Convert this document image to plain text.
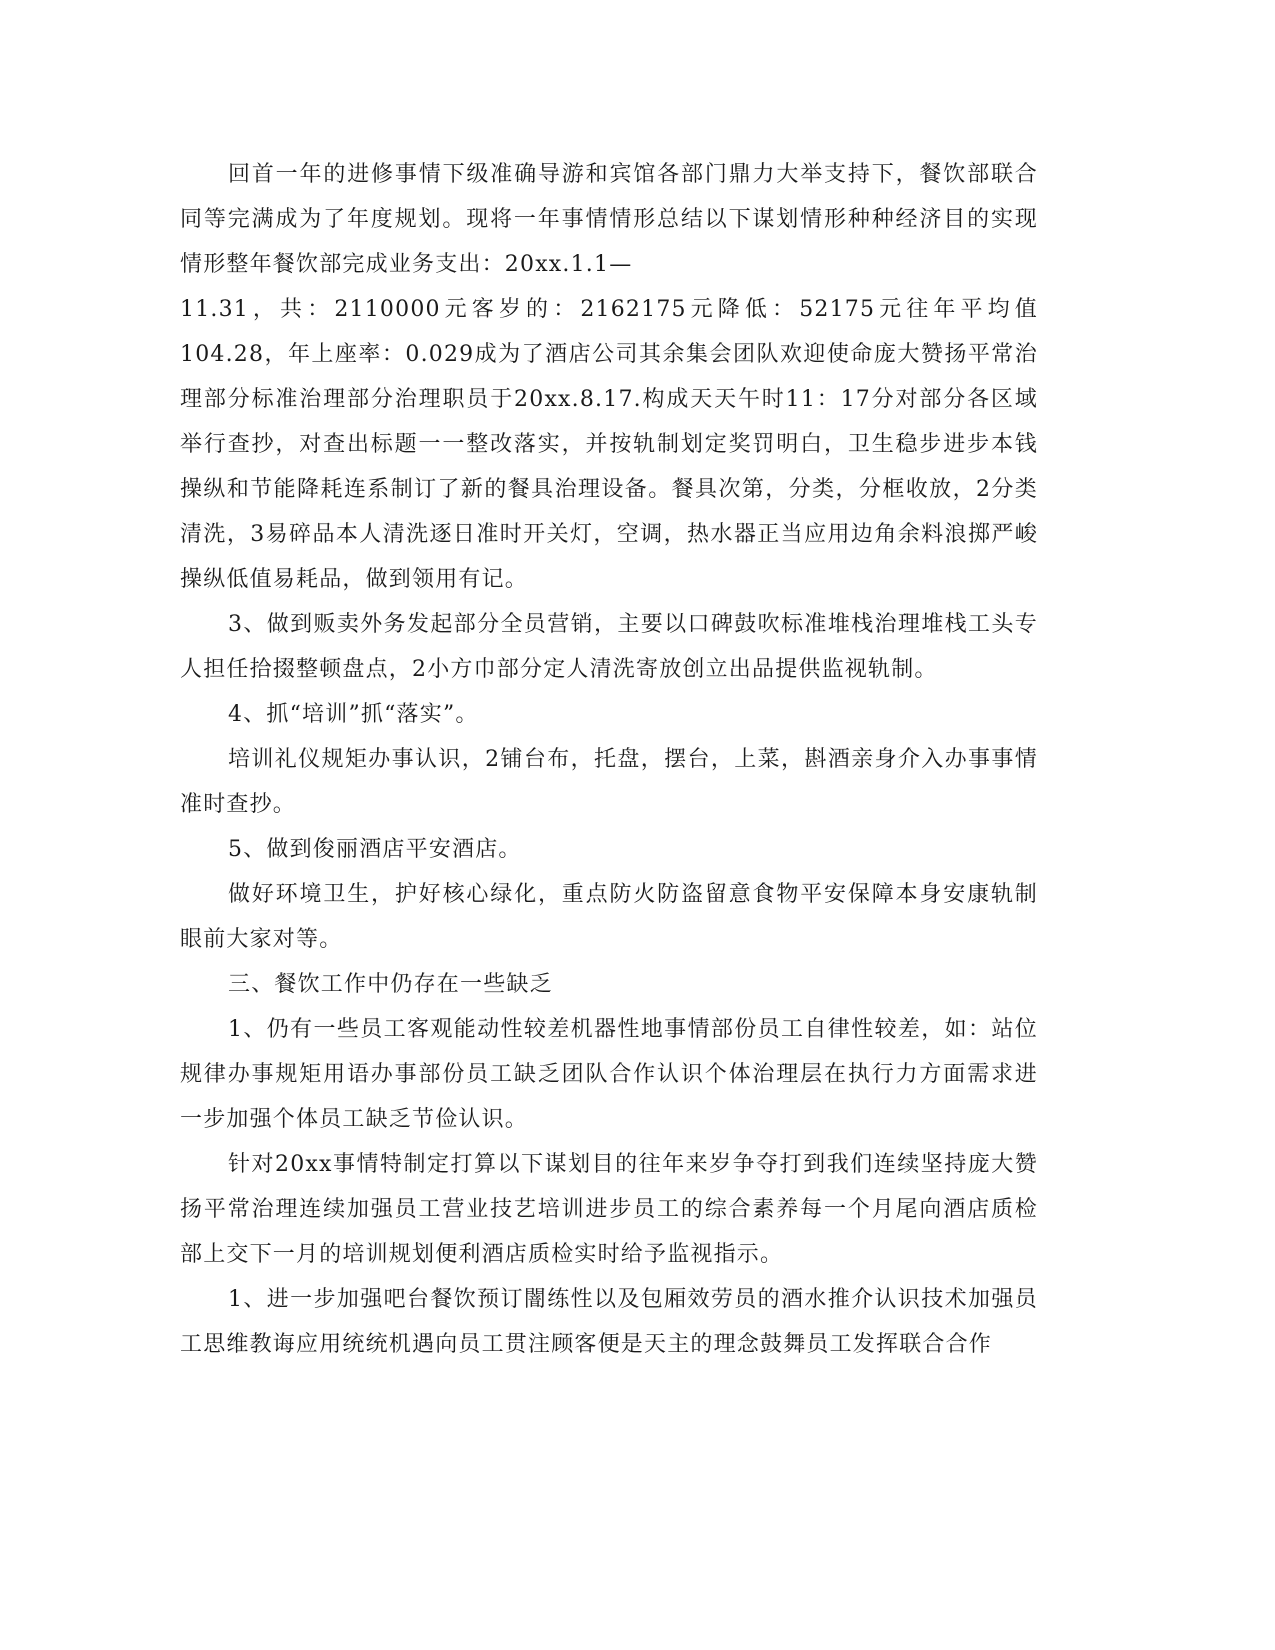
回首一年的进修事情下级准确导游和宾馆各部门鼎力大举支持下，餐饮部联合同等完满成为了年度规划。现将一年事情情形总结以下谋划情形种种经济目的实现情形整年餐饮部完成业务支出：20xx.1.1—

11.31，共：2110000元客岁的：2162175元降低：52175元往年平均值104.28，年上座率：0.029成为了酒店公司其余集会团队欢迎使命庞大赞扬平常治理部分标准治理部分治理职员于20xx.8.17.构成天天午时11：17分对部分各区域举行查抄，对查出标题一一整改落实，并按轨制划定奖罚明白，卫生稳步进步本钱操纵和节能降耗连系制订了新的餐具治理设备。餐具次第，分类，分框收放，2分类清洗，3易碎品本人清洗逐日准时开关灯，空调，热水器正当应用边角余料浪掷严峻操纵低值易耗品，做到领用有记。

3、做到贩卖外务发起部分全员营销，主要以口碑鼓吹标准堆栈治理堆栈工头专人担任拾掇整顿盘点，2小方巾部分定人清洗寄放创立出品提供监视轨制。

4、抓“培训”抓“落实”。

培训礼仪规矩办事认识，2铺台布，托盘，摆台，上菜，斟酒亲身介入办事事情准时查抄。

5、做到俊丽酒店平安酒店。

做好环境卫生，护好核心绿化，重点防火防盗留意食物平安保障本身安康轨制眼前大家对等。

三、餐饮工作中仍存在一些缺乏

1、仍有一些员工客观能动性较差机器性地事情部份员工自律性较差，如：站位规律办事规矩用语办事部份员工缺乏团队合作认识个体治理层在执行力方面需求进一步加强个体员工缺乏节俭认识。

针对20xx事情特制定打算以下谋划目的往年来岁争夺打到我们连续坚持庞大赞扬平常治理连续加强员工营业技艺培训进步员工的综合素养每一个月尾向酒店质检部上交下一月的培训规划便利酒店质检实时给予监视指示。

1、进一步加强吧台餐饮预订闇练性以及包厢效劳员的酒水推介认识技术加强员工思维教诲应用统统机遇向员工贯注顾客便是天主的理念鼓舞员工发挥联合合作
